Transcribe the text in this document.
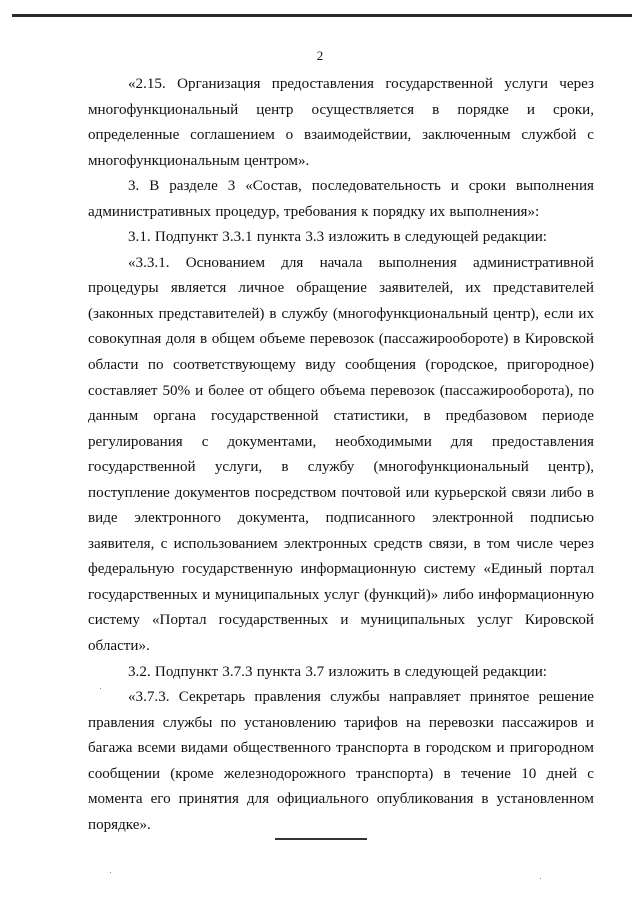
2

«2.15. Организация предоставления государственной услуги через многофункциональный центр осуществляется в порядке и сроки, определенные соглашением о взаимодействии, заключенным службой с многофункциональным центром».

3. В разделе 3 «Состав, последовательность и сроки выполнения административных процедур, требования к порядку их выполнения»:

3.1. Подпункт 3.3.1 пункта 3.3 изложить в следующей редакции:

«3.3.1. Основанием для начала выполнения административной процедуры является личное обращение заявителей, их представителей (законных представителей) в службу (многофункциональный центр), если их совокупная доля в общем объеме перевозок (пассажирообороте) в Кировской области по соответствующему виду сообщения (городское, пригородное) составляет 50% и более от общего объема перевозок (пассажирооборота), по данным органа государственной статистики, в предбазовом периоде регулирования с документами, необходимыми для предоставления государственной услуги, в службу (многофункциональный центр), поступление документов посредством почтовой или курьерской связи либо в виде электронного документа, подписанного электронной подписью заявителя, с использованием электронных средств связи, в том числе через федеральную государственную информационную систему «Единый портал государственных и муниципальных услуг (функций)» либо информационную систему «Портал государственных и муниципальных услуг Кировской области».

3.2. Подпункт 3.7.3 пункта 3.7 изложить в следующей редакции:

«3.7.3. Секретарь правления службы направляет принятое решение правления службы по установлению тарифов на перевозки пассажиров и багажа всеми видами общественного транспорта в городском и пригородном сообщении (кроме железнодорожного транспорта) в течение 10 дней с момента его принятия для официального опубликования в установленном порядке».
